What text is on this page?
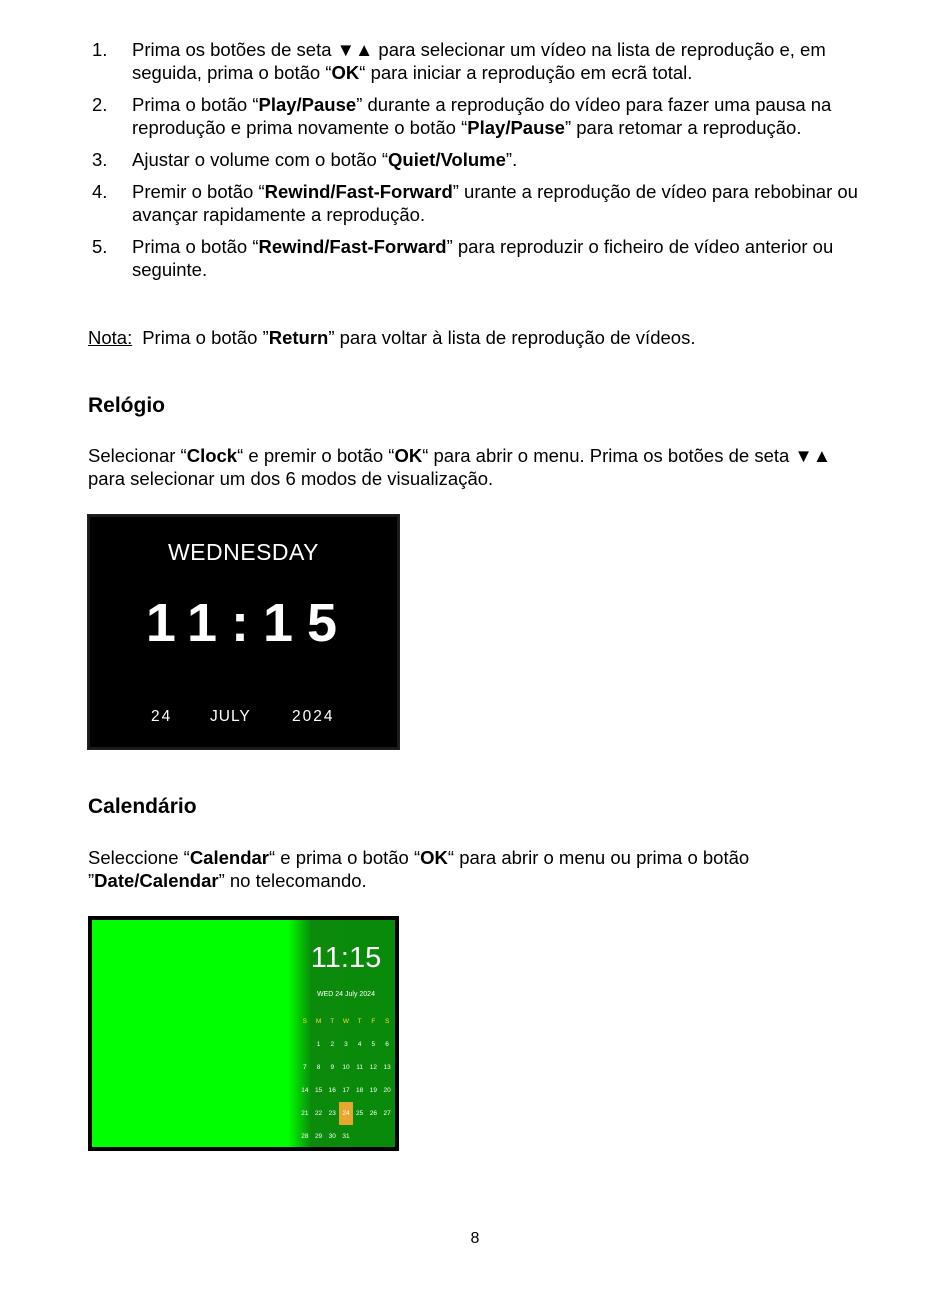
1. Prima os botões de seta ▼▲ para selecionar um vídeo na lista de reprodução e, em seguida, prima o botão “OK“ para iniciar a reprodução em ecrã total.
2. Prima o botão “Play/Pause” durante a reprodução do vídeo para fazer uma pausa na reprodução e prima novamente o botão “Play/Pause” para retomar a reprodução.
3. Ajustar o volume com o botão “Quiet/Volume”.
4. Premir o botão “Rewind/Fast-Forward” urante a reprodução de vídeo para rebobinar ou avançar rapidamente a reprodução.
5. Prima o botão “Rewind/Fast-Forward” para reproduzir o ficheiro de vídeo anterior ou seguinte.
Nota: Prima o botão ”Return” para voltar à lista de reprodução de vídeos.
Relógio
Selecionar “Clock“ e premir o botão “OK“ para abrir o menu. Prima os botões de seta ▼▲ para selecionar um dos 6 modos de visualização.
WEDNESDAY
11:15
24 JULY	2024
Calendário
Seleccione “Calendar“ e prima o botão “OK“ para abrir o menu ou prima o botão ”Date/Calendar” no telecomando.
11:15
WED 24 July 2024
S	M	T	W	T	F	S
	1	2	3	4	5	6
7	8	9	10	11	12	13
14	15	16	17	18	19	20
21	22	23	24	25	26	27
28	29	30	31			
8
